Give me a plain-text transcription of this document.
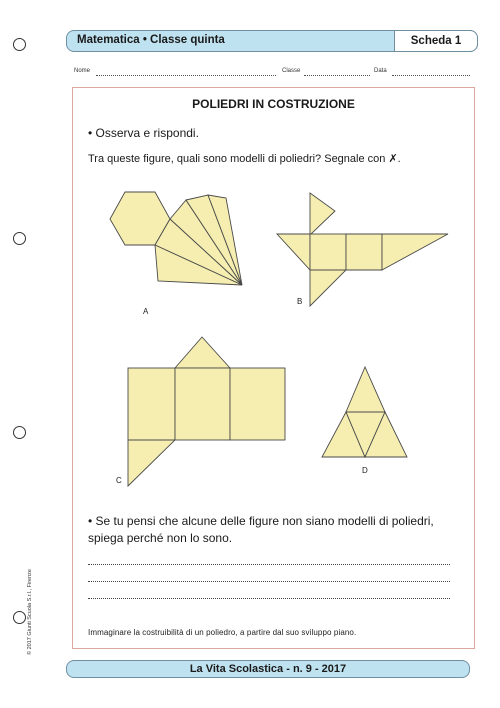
Matematica • Classe quinta	Scheda 1
Nome	Classe	Data
POLIEDRI IN COSTRUZIONE
• Osserva e rispondi.
Tra queste figure, quali sono modelli di poliedri? Segnale con ✗.
A
B
C
D
• Se tu pensi che alcune delle figure non siano modelli di poliedri, spiega perché non lo sono.
Immaginare la costruibilità di un poliedro, a partire dal suo sviluppo piano.
© 2017 Giunti Scuola S.r.l., Firenze
La Vita Scolastica - n. 9 - 2017
